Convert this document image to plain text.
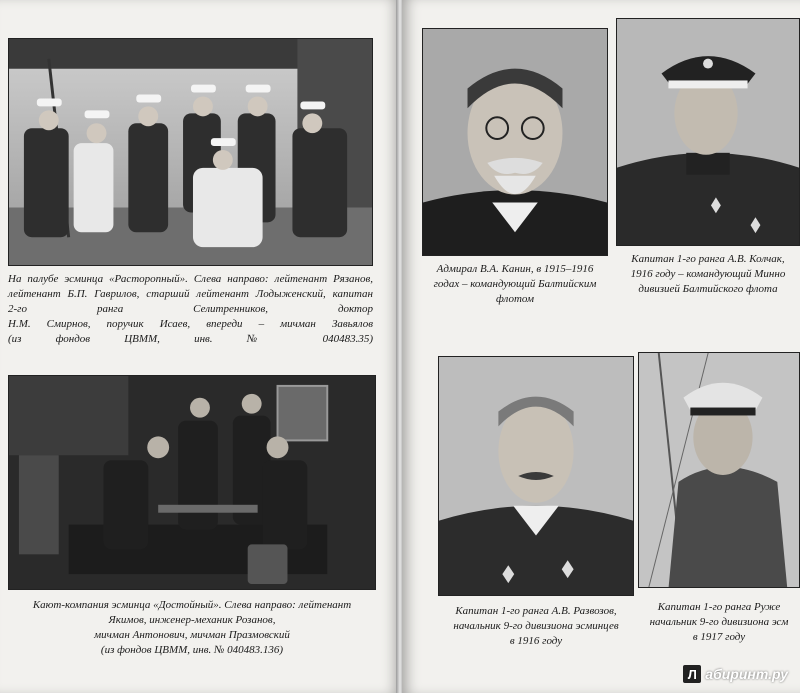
На палубе эсминца «Расторопный». Слева направо: лейтенант Рязанов,
лейтенант Б.П. Гаврилов, старший лейтенант Лодыженский, капитан
2-го ранга Селитренников, доктор
Н.М. Смирнов, поручик Исаев, впереди – мичман Завьялов
(из фондов ЦВММ, инв. № 040483.35)
Кают-компания эсминца «Достойный». Слева направо: лейтенант
Якимов, инженер-механик Розанов,
мичман Антонович, мичман Празмовский
(из фондов ЦВММ, инв. № 040483.136)
Адмирал В.А. Канин, в 1915–1916
годах – командующий Балтийским
флотом
Капитан 1-го ранга А.В. Колчак,
1916 году – командующий Минно
дивизией Балтийского флота
Капитан 1-го ранга А.В. Развозов,
начальник 9-го дивизиона эсминцев
в 1916 году
Капитан 1-го ранга Руже
начальник 9-го дивизиона эсм
в 1917 году
Л абиринт.ру
